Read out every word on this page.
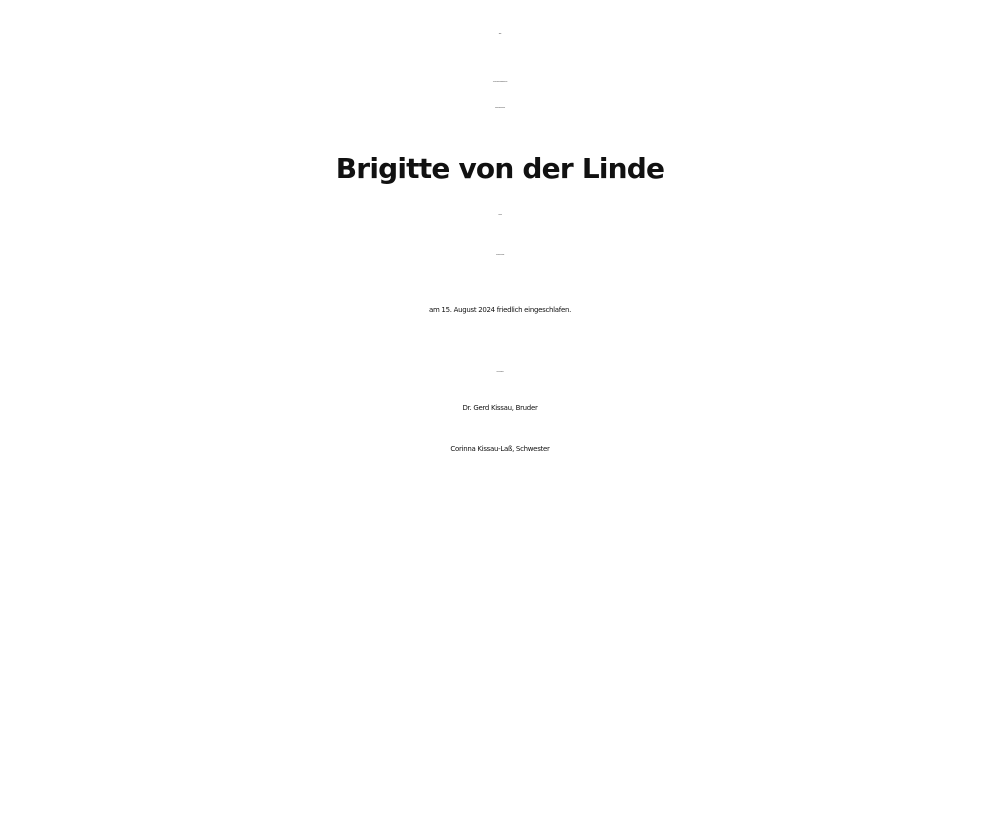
Statt Karten
Nur wenige Monate nach dem Tod ihres geliebten Ehemannes
ist unsere Schwester, Schwägerin und Tante
Brigitte von der Linde
geb. Procházka
geb. am 8. November 1939 in Berlin
am 15. August 2024 friedlich eingeschlafen.
Im Namen der Hinterbliebenen:
Dr. Gerd Kissau, Bruder
Corinna Kissau-Laß, Schwester
